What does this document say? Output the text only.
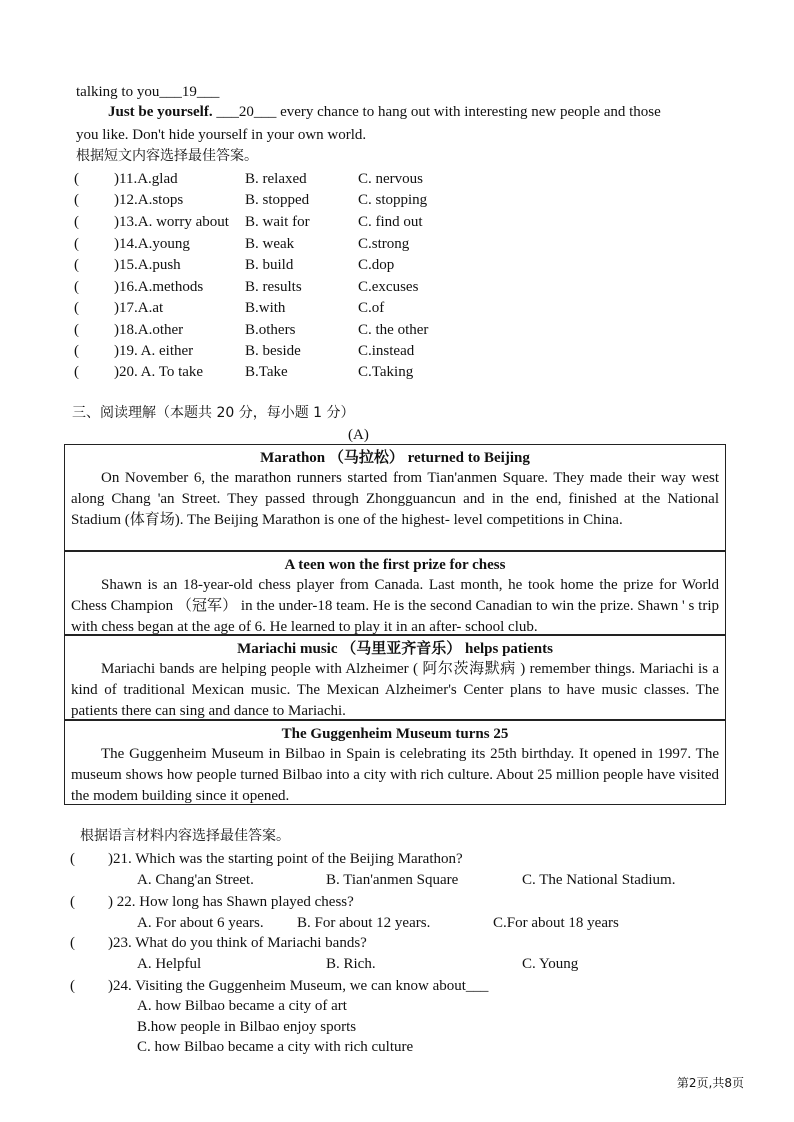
talking to you___19___
Just be yourself. ___20___ every chance to hang out with interesting new people and those
you like. Don't hide yourself in your own world.
根据短文内容选择最佳答案。
( )11.A.glad	B. relaxed	C. nervous
( )12.A.stops	B. stopped	C. stopping
( )13.A. worry about B. wait for	C. find out
( )14.A.young	B. weak	C.strong
( )15.A.push	B. build	C.dop
( )16.A.methods	B. results	C.excuses
( )17.A.at	B.with	C.of
( )18.A.other	B.others	C. the other
( )19. A. either	B. beside	C.instead
( )20. A. To take	B.Take	C.Taking
三、阅读理解（本题共 20 分，每小题 1 分）
(A)
Marathon （马拉松） returned to Beijing

On November 6, the marathon runners started from Tian'anmen Square. They made their way west along Chang 'an Street. They passed through Zhongguancun and in the end, finished at the National Stadium (体育场). The Beijing Marathon is one of the highest- level competitions in China.

A teen won the first prize for chess

Shawn is an 18-year-old chess player from Canada. Last month, he took home the prize for World Chess Champion （冠军） in the under-18 team. He is the second Canadian to win the prize. Shawn ' s trip with chess began at the age of 6. He learned to play it in an after- school club.

Mariachi music （马里亚齐音乐） helps patients

Mariachi bands are helping people with Alzheimer ( 阿尔茨海默病 ) remember things. Mariachi is a kind of traditional Mexican music. The Mexican Alzheimer's Center plans to have music classes. The patients there can sing and dance to Mariachi.

The Guggenheim Museum turns 25

The Guggenheim Museum in Bilbao in Spain is celebrating its 25th birthday. It opened in 1997. The museum shows how people turned Bilbao into a city with rich culture. About 25 million people have visited the modem building since it opened.

根据语言材料内容选择最佳答案。
( )21. Which was the starting point of the Beijing Marathon?
A. Chang'an Street.	B. Tian'anmen Square	C. The National Stadium.
( ) 22. How long has Shawn played chess?
A. For about 6 years. B. For about 12 years.	C.For about 18 years
( )23. What do you think of Mariachi bands?
A. Helpful	B. Rich.	C. Young
( )24. Visiting the Guggenheim Museum, we can know about___
A. how Bilbao became a city of art
B.how people in Bilbao enjoy sports
C. how Bilbao became a city with rich culture
第2页,共8页
